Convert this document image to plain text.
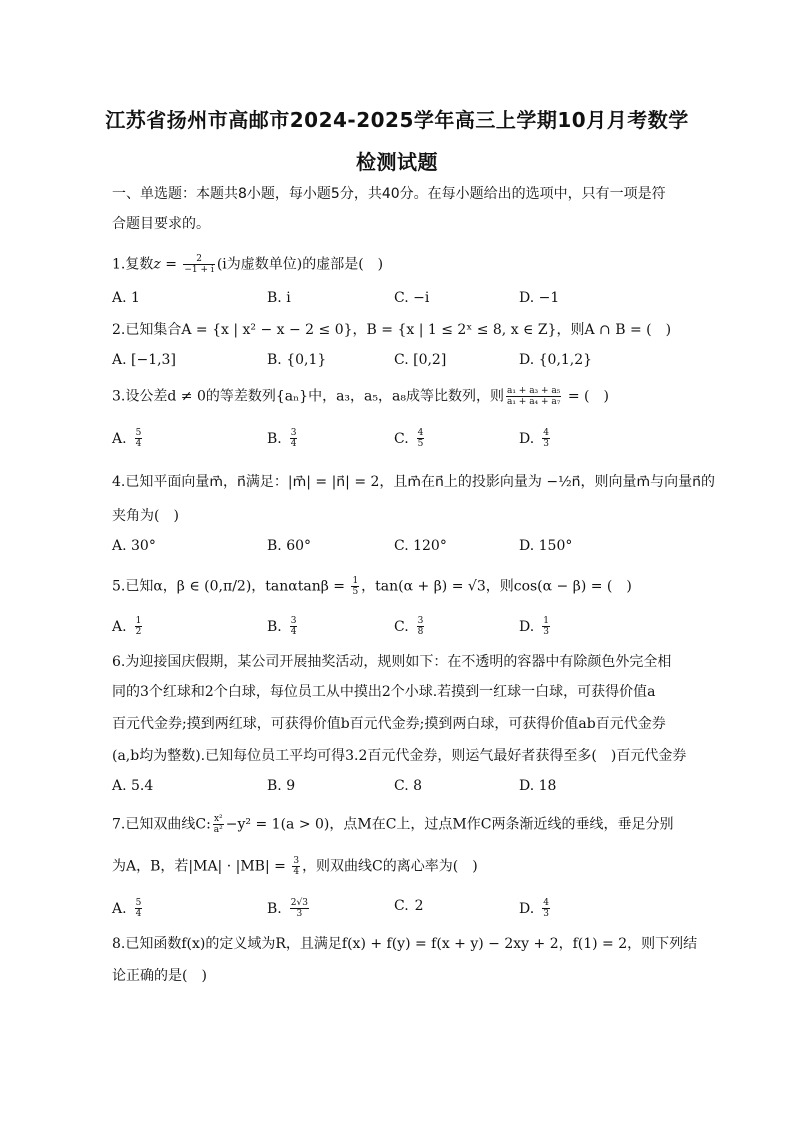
江苏省扬州市高邮市2024-2025学年高三上学期10月月考数学
检测试题
一、单选题：本题共8小题，每小题5分，共40分。在每小题给出的选项中，只有一项是符
合题目要求的。
1.复数$z = \frac{2}{-1 + i} (i$为虚数单位)的虚部是(　)
A. 1	B. i	C. −i	D. −1
2.已知集合A = {x | x² − x − 2 ≤ 0}，B = {x | 1 ≤ 2ˣ ≤ 8, x ∈ Z}，则A ∩ B = (　)
A. [−1,3]	B. {0,1}	C. [0,2]	D. {0,1,2}
3.设公差d ≠ 0的等差数列{aₙ}中，a₃，a₅，a₈成等比数列，则 $\frac{\text{a₁ + a₃ + a₅}}{\text{a₁ + a₄ + a₇}}$ = (　)
A. $\frac{5}{4}$	B. $\frac{3}{4}$	C. $\frac{4}{5}$	D. $\frac{4}{3}$
4.已知平面向量m⃗，n⃗满足：|m⃗| = |n⃗| = 2，且m⃗在n⃗上的投影向量为 −½n⃗，则向量m⃗与向量n⃗的
夹角为(　)
A. 30°	B. 60°	C. 120°	D. 150°
5.已知α，β ∈ (0,π/2)，$\tan\alpha\tan\beta = \frac{1}{5}$ ，tan(α + β) = √3，则cos(α − β) = (　)
A. $\frac{1}{2}$	B. $\frac{3}{4}$	C. $\frac{3}{8}$	D. $\frac{1}{3}$
6.为迎接国庆假期，某公司开展抽奖活动，规则如下：在不透明的容器中有除颜色外完全相
同的3个红球和2个白球，每位员工从中摸出2个小球.若摸到一红球一白球，可获得价值a
百元代金券;摸到两红球，可获得价值b百元代金券;摸到两白球，可获得价值ab百元代金券
(a,b均为整数).已知每位员工平均可得3.2百元代金券，则运气最好者获得至多(　)百元代金券
A. 5.4	B. 9	C. 8	D. 18
7.已知双曲线C: $\frac{\text{x²}}{\text{a²}} -y^2 = 1(a > 0)$，点M在C上，过点M作C两条渐近线的垂线，垂足分别
为A，B，若$|MA| \cdot |MB| = \frac{3}{4}$ ，则双曲线C的离心率为(　)
A. $\frac{5}{4}$	B. $\frac{2√3}{3}$	C. 2	D. $\frac{4}{3}$
8.已知函数f(x)的定义域为R，且满足f(x) + f(y) = f(x + y) − 2xy + 2，f(1) = 2，则下列结
论正确的是(　)
